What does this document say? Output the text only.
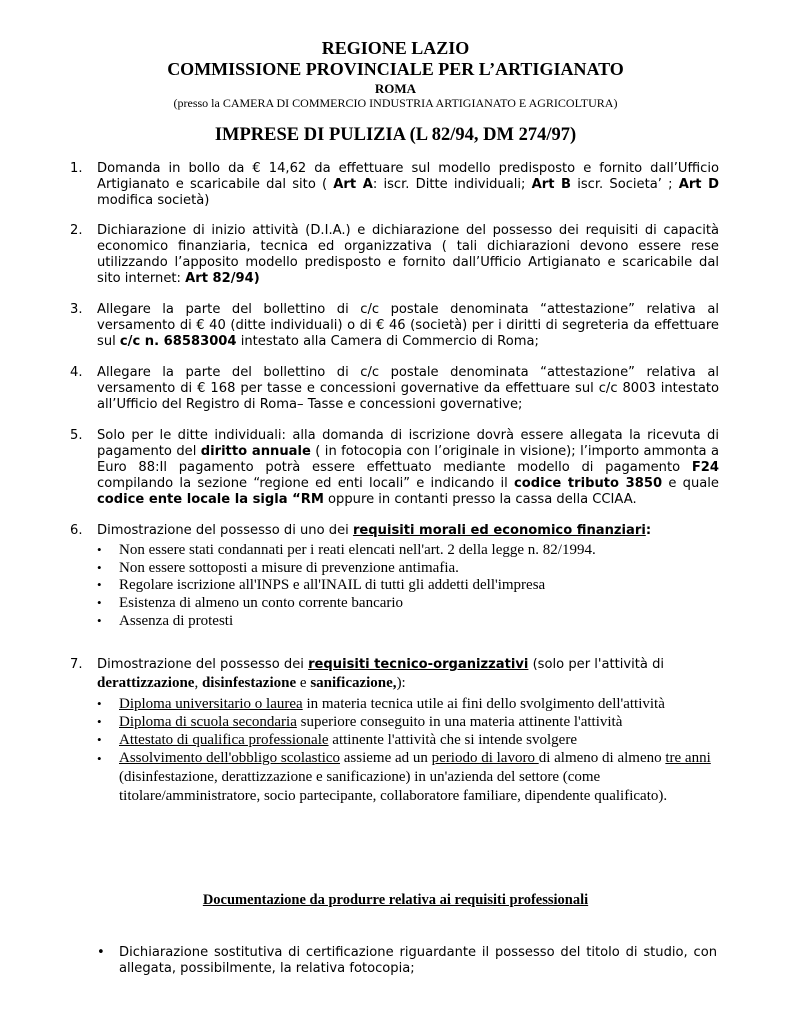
REGIONE LAZIO
COMMISSIONE PROVINCIALE PER L’ARTIGIANATO
ROMA
(presso la CAMERA DI COMMERCIO INDUSTRIA ARTIGIANATO E AGRICOLTURA)
IMPRESE DI PULIZIA (L 82/94, DM 274/97)
1. Domanda in bollo da € 14,62 da effettuare sul modello predisposto e fornito dall’Ufficio Artigianato e scaricabile dal sito ( Art A: iscr. Ditte individuali; Art B iscr. Societa’ ; Art D modifica società)
2. Dichiarazione di inizio attività (D.I.A.) e dichiarazione del possesso dei requisiti di capacità economico finanziaria, tecnica ed organizzativa ( tali dichiarazioni devono essere rese utilizzando l’apposito modello predisposto e fornito dall’Ufficio Artigianato e scaricabile dal sito internet: Art 82/94)
3. Allegare la parte del bollettino di c/c postale denominata “attestazione” relativa al versamento di € 40 (ditte individuali) o di € 46 (società) per i diritti di segreteria da effettuare sul c/c n. 68583004 intestato alla Camera di Commercio di Roma;
4. Allegare la parte del bollettino di c/c postale denominata “attestazione” relativa al versamento di € 168 per tasse e concessioni governative da effettuare sul c/c 8003 intestato all’Ufficio del Registro di Roma– Tasse e concessioni governative;
5. Solo per le ditte individuali: alla domanda di iscrizione dovrà essere allegata la ricevuta di pagamento del diritto annuale ( in fotocopia con l’originale in visione); l’importo ammonta a Euro 88:Il pagamento potrà essere effettuato mediante modello di pagamento F24 compilando la sezione “regione ed enti locali” e indicando il codice tributo 3850 e quale codice ente locale la sigla “RM oppure in contanti presso la cassa della CCIAA.
6. Dimostrazione del possesso di uno dei requisiti morali ed economico finanziari:
• Non essere stati condannati per i reati elencati nell'art. 2 della legge n. 82/1994.
• Non essere sottoposti a misure di prevenzione antimafia.
• Regolare iscrizione all'INPS e all'INAIL di tutti gli addetti dell'impresa
• Esistenza di almeno un conto corrente bancario
• Assenza di protesti
7. Dimostrazione del possesso dei requisiti tecnico-organizzativi (solo per l'attività di
derattizzazione, disinfestazione e sanificazione,):
• Diploma universitario o laurea in materia tecnica utile ai fini dello svolgimento dell'attività
• Diploma di scuola secondaria superiore conseguito in una materia attinente l'attività
• Attestato di qualifica professionale attinente l'attività che si intende svolgere
• Assolvimento dell'obbligo scolastico assieme ad un periodo di lavoro di almeno di almeno tre anni (disinfestazione, derattizzazione e sanificazione) in un'azienda del settore (come titolare/amministratore, socio partecipante, collaboratore familiare, dipendente qualificato).
Documentazione da produrre relativa ai requisiti professionali
• Dichiarazione sostitutiva di certificazione riguardante il possesso del titolo di studio, con allegata, possibilmente, la relativa fotocopia;
